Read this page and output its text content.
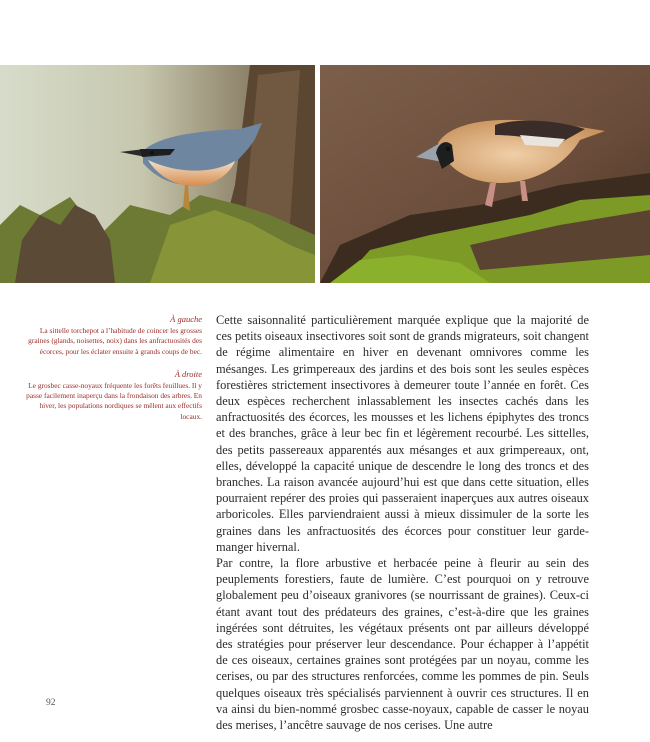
À gauche

La sittelle torchepot a l’habitude de coincer les grosses graines (glands, noisettes, noix) dans les anfractuosités des écorces, pour les éclater ensuite à grands coups de bec.

À droite

Le grosbec casse-noyaux fréquente les forêts feuillues. Il y passe facilement inaperçu dans la frondaison des arbres. En hiver, les populations nordiques se mêlent aux effectifs locaux.

Cette saisonnalité particulièrement marquée explique que la majorité de ces petits oiseaux insectivores soit sont de grands migrateurs, soit changent de régime alimentaire en hiver en devenant omnivores comme les mésanges. Les grimpereaux des jardins et des bois sont les seules espèces forestières strictement insectivores à demeurer toute l’année en forêt. Ces deux espèces recherchent inlassablement les insectes cachés dans les anfractuosités des écorces, les mousses et les lichens épiphytes des troncs et des branches, grâce à leur bec fin et légèrement recourbé. Les sittelles, des petits passereaux apparentés aux mésanges et aux grimpereaux, ont, elles, développé la capacité unique de descendre le long des troncs et des branches. La raison avancée aujourd’hui est que dans cette situation, elles pourraient repérer des proies qui passeraient inaperçues aux autres oiseaux arboricoles. Elles parviendraient aussi à mieux dissimuler de la sorte les graines dans les anfractuosités des écorces pour constituer leur garde-manger hivernal.

Par contre, la flore arbustive et herbacée peine à fleurir au sein des peuplements forestiers, faute de lumière. C’est pourquoi on y retrouve globalement peu d’oiseaux granivores (se nourrissant de graines). Ceux-ci étant avant tout des prédateurs des graines, c’est-à-dire que les graines ingérées sont détruites, les végétaux présents ont par ailleurs développé des stratégies pour préserver leur descendance. Pour échapper à l’appétit de ces oiseaux, certaines graines sont protégées par un noyau, comme les cerises, ou par des structures renforcées, comme les pommes de pin. Seuls quelques oiseaux très spécialisés parviennent à ouvrir ces structures. Il en va ainsi du bien-nommé grosbec casse-noyaux, capable de casser le noyau des merises, l’ancêtre sauvage de nos cerises. Une autre

92
